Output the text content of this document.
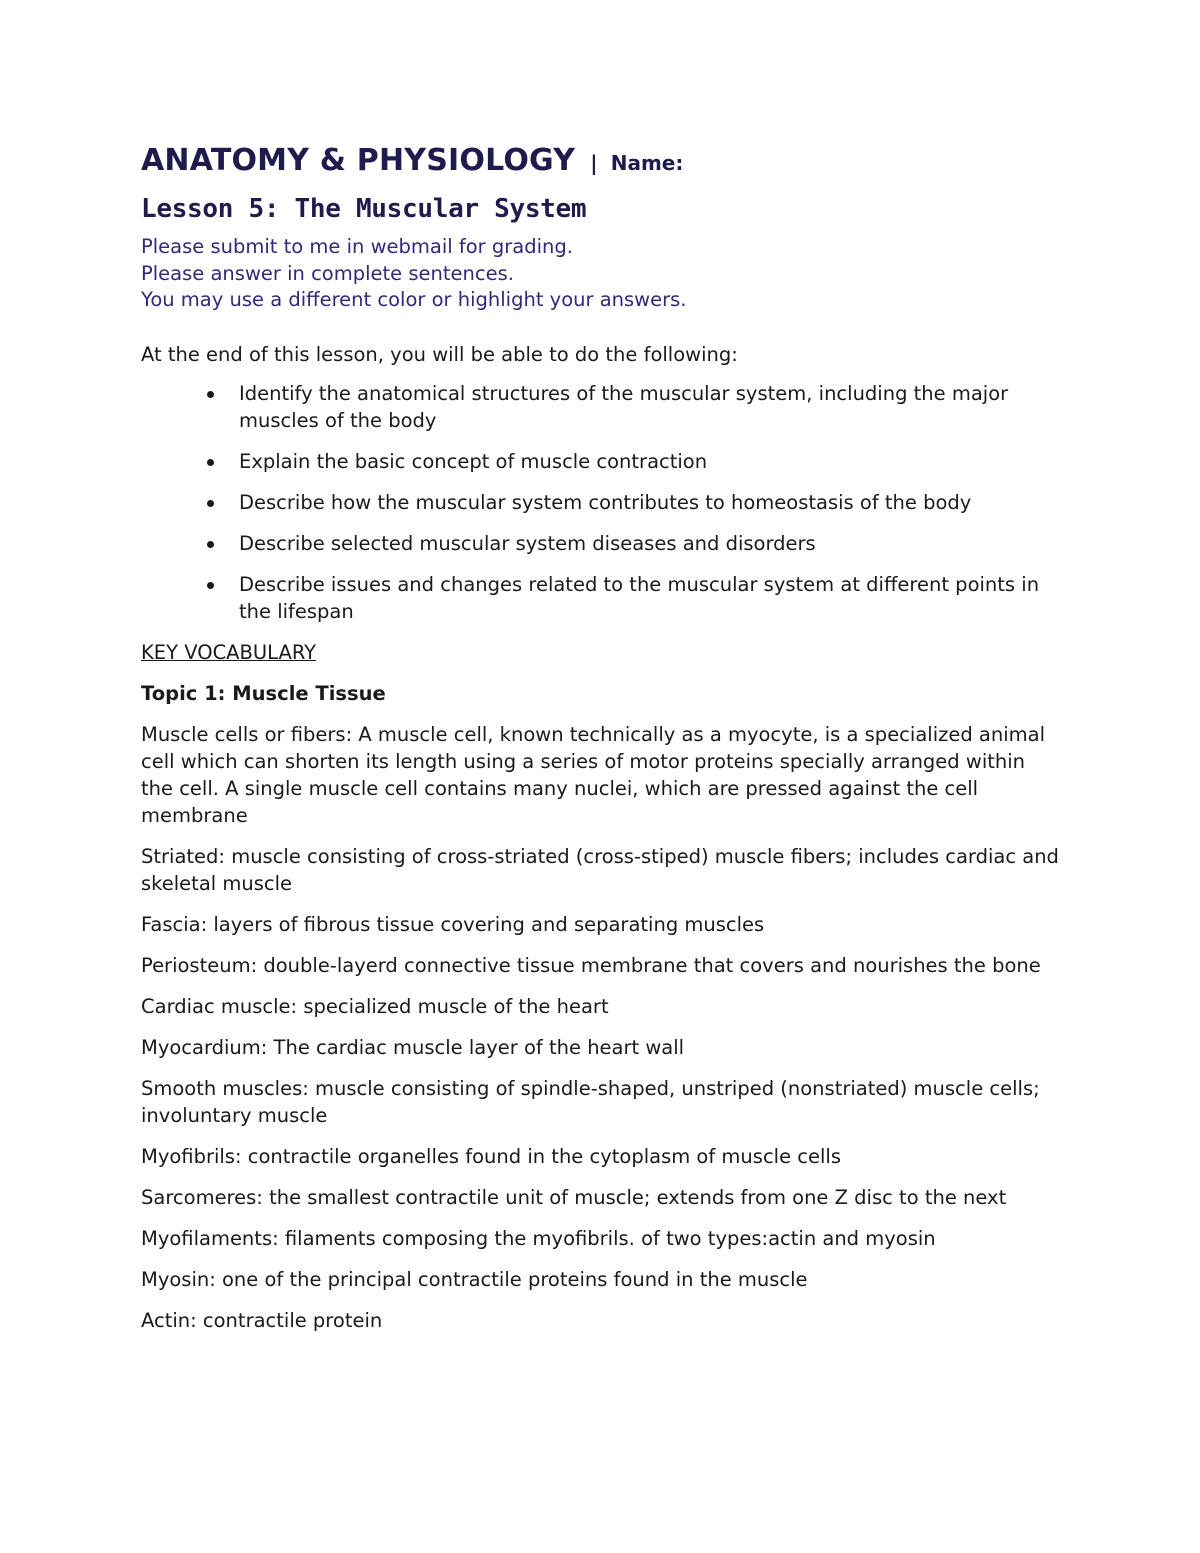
ANATOMY & PHYSIOLOGY | Name:
Lesson 5: The Muscular System
Please submit to me in webmail for grading.
Please answer in complete sentences.
You may use a different color or highlight your answers.
At the end of this lesson, you will be able to do the following:
Identify the anatomical structures of the muscular system, including the major muscles of the body
Explain the basic concept of muscle contraction
Describe how the muscular system contributes to homeostasis of the body
Describe selected muscular system diseases and disorders
Describe issues and changes related to the muscular system at different points in the lifespan
KEY VOCABULARY
Topic 1: Muscle Tissue
Muscle cells or fibers: A muscle cell, known technically as a myocyte, is a specialized animal cell which can shorten its length using a series of motor proteins specially arranged within the cell. A single muscle cell contains many nuclei, which are pressed against the cell membrane
Striated: muscle consisting of cross-striated (cross-stiped) muscle fibers; includes cardiac and skeletal muscle
Fascia: layers of fibrous tissue covering and separating muscles
Periosteum: double-layerd connective tissue membrane that covers and nourishes the bone
Cardiac muscle: specialized muscle of the heart
Myocardium: The cardiac muscle layer of the heart wall
Smooth muscles: muscle consisting of spindle-shaped, unstriped (nonstriated) muscle cells; involuntary muscle
Myofibrils: contractile organelles found in the cytoplasm of muscle cells
Sarcomeres: the smallest contractile unit of muscle; extends from one Z disc to the next
Myofilaments: filaments composing the myofibrils. of two types:actin and myosin
Myosin: one of the principal contractile proteins found in the muscle
Actin: contractile protein
